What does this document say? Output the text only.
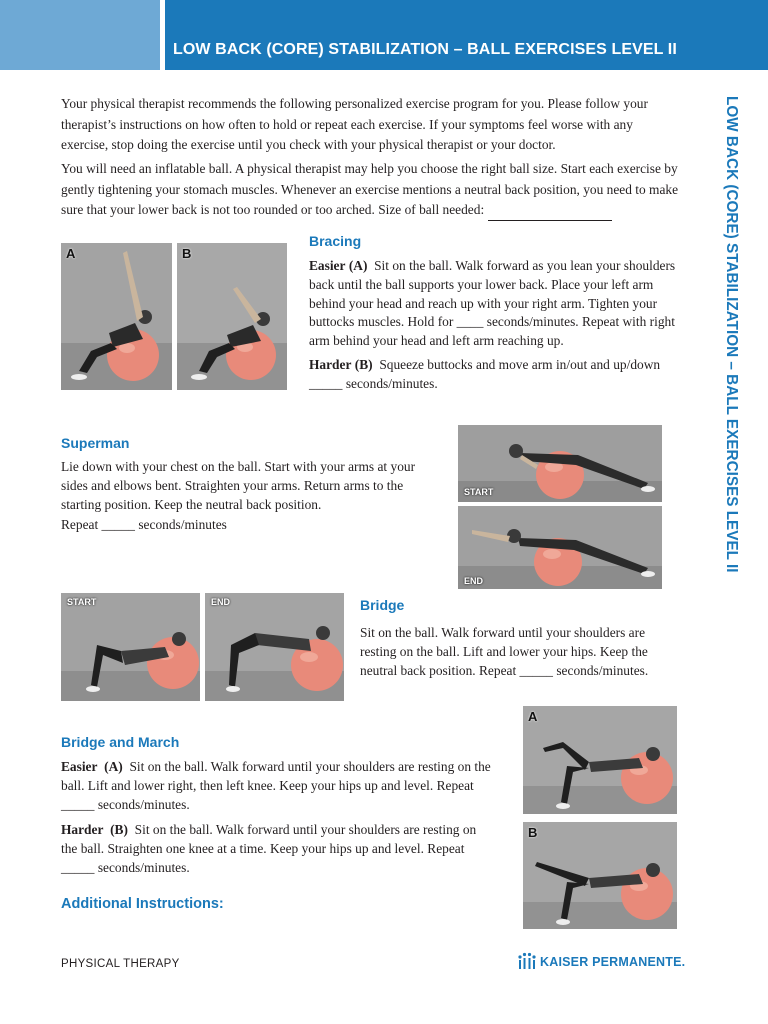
LOW BACK (CORE) STABILIZATION – BALL EXERCISES LEVEL II
LOW BACK (CORE) STABILIZATION – BALL EXERCISES LEVEL II

Your physical therapist recommends the following personalized exercise program for you. Please follow your therapist’s instructions on how often to hold or repeat each exercise. If your symptoms feel worse with any exercise, stop doing the exercise until you check with your physical therapist or your doctor.

You will need an inflatable ball. A physical therapist may help you choose the right ball size. Start each exercise by gently tightening your stomach muscles. Whenever an exercise mentions a neutral back position, you need to make sure that your lower back is not too rounded or too arched. Size of ball needed:

A	B
Bracing

Easier (A) Sit on the ball. Walk forward as you lean your shoulders back until the ball supports your lower back. Place your left arm behind your head and reach up with your right arm. Tighten your buttocks muscles. Hold for ____ seconds/minutes. Repeat with right arm behind your head and left arm reaching up.

Harder (B) Squeeze buttocks and move arm in/out and up/down _____ seconds/minutes.

Superman

Lie down with your chest on the ball. Start with your arms at your sides and elbows bent. Straighten your arms. Return arms to the starting position. Keep the neutral back position.
Repeat _____ seconds/minutes

START
END
START	END	Bridge

Sit on the ball. Walk forward until your shoulders are resting on the ball. Lift and lower your hips. Keep the neutral back position. Repeat _____ seconds/minutes.

Bridge and March

Easier (A) Sit on the ball. Walk forward until your shoulders are resting on the ball. Lift and lower right, then left knee. Keep your hips up and level. Repeat _____ seconds/minutes.

Harder (B) Sit on the ball. Walk forward until your shoulders are resting on the ball. Straighten one knee at a time. Keep your hips up and level. Repeat _____ seconds/minutes.

A
B
Additional Instructions:
PHYSICAL THERAPY	KAISER PERMANENTE.
